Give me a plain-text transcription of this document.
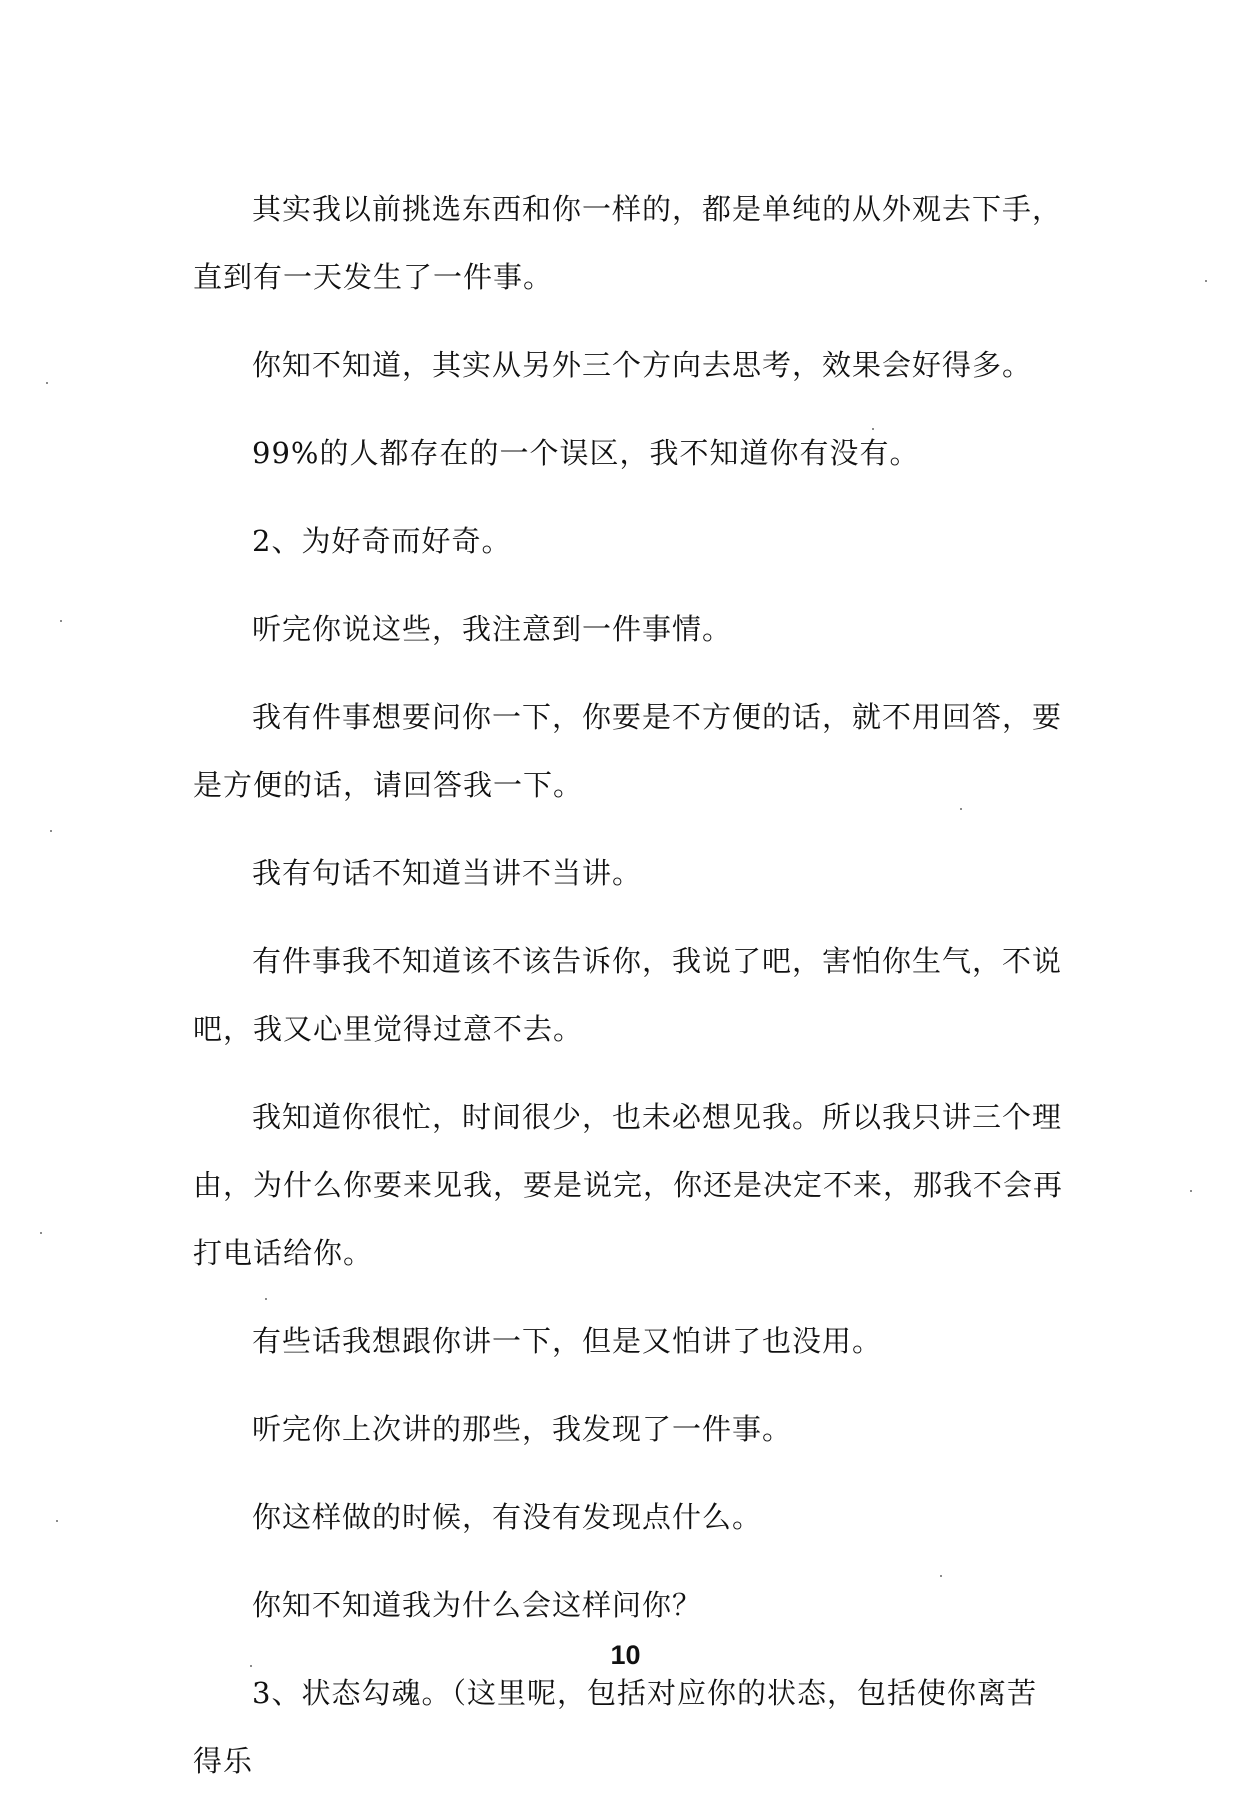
其实我以前挑选东西和你一样的，都是单纯的从外观去下手，直到有一天发生了一件事。

你知不知道，其实从另外三个方向去思考，效果会好得多。

99%的人都存在的一个误区，我不知道你有没有。

2、为好奇而好奇。

听完你说这些，我注意到一件事情。

我有件事想要问你一下，你要是不方便的话，就不用回答，要是方便的话，请回答我一下。

我有句话不知道当讲不当讲。

有件事我不知道该不该告诉你，我说了吧，害怕你生气，不说吧，我又心里觉得过意不去。

我知道你很忙，时间很少，也未必想见我。所以我只讲三个理由，为什么你要来见我，要是说完，你还是决定不来，那我不会再打电话给你。

有些话我想跟你讲一下，但是又怕讲了也没用。

听完你上次讲的那些，我发现了一件事。

你这样做的时候，有没有发现点什么。

你知不知道我为什么会这样问你？

3、状态勾魂。（这里呢，包括对应你的状态，包括使你离苦得乐

10
